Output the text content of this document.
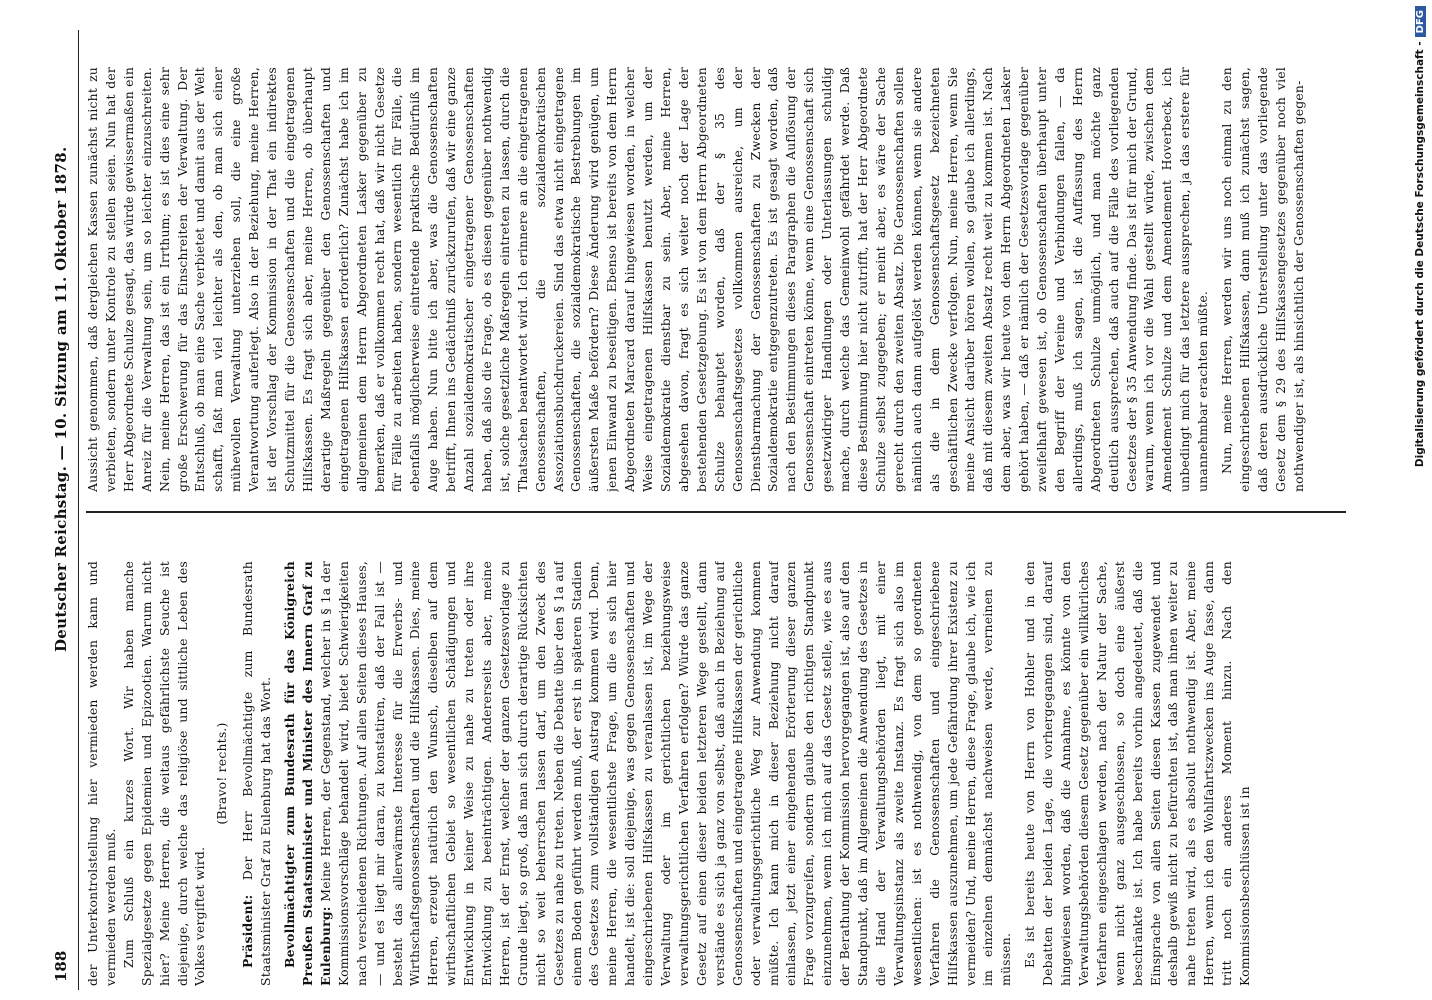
188
Deutscher Reichstag. — 10. Sitzung am 11. Oktober 1878.

der Unterkontrolstellung hier vermieden werden kann und vermieden werden muß. Zum Schluß ein kurzes Wort. Wir haben manche Spezialgesetze gegen Epidemien und Epizootien. Warum nicht hier? Meine Herren, die weitaus gefährlichste Seuche ist diejenige, durch welche das religiöse und sittliche Leben des Volkes vergiftet wird.

(Bravo! rechts.)

Präsident: Der Herr Bevollmächtigte zum Bundesrath Staatsminister Graf zu Eulenburg hat das Wort. Bevollmächtigter zum Bundesrath für das Königreich Preußen Staatsminister und Minister des Innern Graf zu Eulenburg: Meine Herren, der Gegenstand, welcher in § 1a der Kommissionsvorschläge behandelt wird, bietet Schwierigkeiten nach verschiedenen Richtungen. Auf allen Seiten dieses Hauses, — und es liegt mir daran, zu konstatiren, daß der Fall ist — besteht das allerwärmste Interesse für die Erwerbs- und Wirthschaftsgenossenschaften und die Hilfskassen. Dies, meine Herren, erzeugt natürlich den Wunsch, dieselben auf dem wirthschaftlichen Gebiet so wesentlichen Schädigungen und Entwicklung in keiner Weise zu nahe zu treten oder ihre Entwicklung zu beeinträchtigen. Andererseits aber, meine Herren, ist der Ernst, welcher der ganzen Gesetzesvorlage zu Grunde liegt, so groß, daß man sich durch derartige Rücksichten nicht so weit beherrschen lassen darf, um den Zweck des Gesetzes zu nahe zu treten. Neben die Debatte über den § 1a auf einem Boden geführt werden muß, der erst in späteren Stadien des Gesetzes zum vollständigen Austrag kommen wird. Denn, meine Herren, die wesentlichste Frage, um die es sich hier handelt, ist die: soll diejenige, was gegen Genossenschaften und eingeschriebenen Hilfskassen zu veranlassen ist, im Wege der Verwaltung oder im gerichtlichen beziehungsweise verwaltungsgerichtlichen Verfahren erfolgen? Würde das ganze Gesetz auf einen dieser beiden letzteren Wege gestellt, dann verstände es sich ja ganz von selbst, daß auch in Beziehung auf Genossenschaften und eingetragene Hilfskassen der gerichtliche oder verwaltungsgerichtliche Weg zur Anwendung kommen müßte. Ich kann mich in dieser Beziehung nicht darauf einlassen, jetzt einer eingehenden Erörterung dieser ganzen Frage vorzugreifen, sondern glaube den richtigen Standpunkt einzunehmen, wenn ich mich auf das Gesetz stelle, wie es aus der Berathung der Kommission hervorgegangen ist, also auf den Standpunkt, daß im Allgemeinen die Anwendung des Gesetzes in die Hand der Verwaltungsbehörden liegt, mit einer Verwaltungsinstanz als zweite Instanz. Es fragt sich also im wesentlichen: ist es nothwendig, von dem so geordneten Verfahren die Genossenschaften und eingeschriebene Hilfskassen auszunehmen, um jede Gefährdung ihrer Existenz zu vermeiden? Und, meine Herren, diese Frage, glaube ich, wie ich im einzelnen demnächst nachweisen werde, verneinen zu müssen. Es ist bereits heute von Herrn von Hohler und in den Debatten der beiden Lage, die vorhergegangen sind, darauf hingewiesen worden, daß die Annahme, es könnte von den Verwaltungsbehörden diesem Gesetz gegenüber ein willkürliches Verfahren eingeschlagen werden, nach der Natur der Sache, wenn nicht ganz ausgeschlossen, so doch eine äußerst beschränkte ist. Ich habe bereits vorhin angedeutet, daß die Einsprache von allen Seiten diesen Kassen zugewendet und deshalb gewiß nicht zu befürchten ist, daß man ihnen weiter zu nahe treten wird, als es absolut nothwendig ist. Aber, meine Herren, wenn ich den Wohlfahrtszwecken ins Auge fasse, dann tritt noch ein anderes Moment hinzu. Nach den Kommissionsbeschlüssen ist in

Aussicht genommen, daß dergleichen Kassen zunächst nicht zu verbieten, sondern unter Kontrole zu stellen seien. Nun hat der Herr Abgeordnete Schulze gesagt, das würde gewissermaßen ein Anreiz für die Verwaltung sein, um so leichter einzuschreiten. Nein, meine Herren, das ist ein Irrthum; es ist dies eine sehr große Erschwerung für das Einschreiten der Verwaltung. Der Entschluß, ob man eine Sache verbietet und damit aus der Welt schafft, faßt man viel leichter als den, ob man sich einer mühevollen Verwaltung unterziehen soll, die eine große Verantwortung auferlegt. Also in der Beziehung, meine Herren, ist der Vorschlag der Kommission in der That ein indirektes Schutzmittel für die Genossenschaften und die eingetragenen Hilfskassen. Es fragt sich aber, meine Herren, ob überhaupt derartige Maßregeln gegenüber den Genossenschaften und eingetragenen Hilfskassen erforderlich? Zunächst habe ich im allgemeinen dem Herrn Abgeordneten Lasker gegenüber zu bemerken, daß er vollkommen recht hat, daß wir nicht Gesetze für Fälle zu arbeiten haben, sondern wesentlich für Fälle, die ebenfalls möglicherweise eintretende praktische Bedürfniß im Auge haben. Nun bitte ich aber, was die Genossenschaften betrifft, Ihnen ins Gedächtniß zurückzurufen, daß wir eine ganze Anzahl sozialdemokratischer eingetragener Genossenschaften haben, daß also die Frage, ob es diesen gegenüber nothwendig ist, solche gesetzliche Maßregeln eintreten zu lassen, durch die Thatsachen beantwortet wird. Ich erinnere an die eingetragenen Genossenschaften, die sozialdemokratischen Assoziationsbuchdruckereien. Sind das etwa nicht eingetragene Genossenschaften, die sozialdemokratische Bestrebungen im äußersten Maße befördern? Diese Änderung wird genügen, um jenen Einwand zu beseitigen. Ebenso ist bereits von dem Herrn Abgeordneten Marcard darauf hingewiesen worden, in welcher Weise eingetragenen Hilfskassen benutzt werden, um der Sozialdemokratie dienstbar zu sein. Aber, meine Herren, abgesehen davon, fragt es sich weiter noch der Lage der bestehenden Gesetzgebung. Es ist von dem Herrn Abgeordneten Schulze behauptet worden, daß der § 35 des Genossenschaftsgesetzes vollkommen ausreiche, um der Dienstbarmachung der Genossenschaften zu Zwecken der Sozialdemokratie entgegenzutreten. Es ist gesagt worden, daß nach den Bestimmungen dieses Paragraphen die Auflösung der Genossenschaft eintreten könne, wenn eine Genossenschaft sich gesetzwidriger Handlungen oder Unterlassungen schuldig mache, durch welche das Gemeinwohl gefährdet werde. Daß diese Bestimmung hier nicht zutrifft, hat der Herr Abgeordnete Schulze selbst zugegeben; er meint aber, es wäre der Sache gerecht durch den zweiten Absatz. Die Genossenschaften sollen nämlich auch dann aufgelöst werden können, wenn sie andere als die in dem Genossenschaftsgesetz bezeichneten geschäftlichen Zwecke verfolgen. Nun, meine Herren, wenn Sie meine Ansicht darüber hören wollen, so glaube ich allerdings, daß mit diesem zweiten Absatz recht weit zu kommen ist. Nach dem aber, was wir heute von dem Herrn Abgeordneten Lasker gehört haben, — daß er nämlich der Gesetzesvorlage gegenüber zweifelhaft gewesen ist, ob Genossenschaften überhaupt unter den Begriff der Vereine und Verbindungen fallen, — da allerdings, muß ich sagen, ist die Auffassung des Herrn Abgeordneten Schulze unmöglich, und man möchte ganz deutlich aussprechen, daß auch auf die Fälle des vorliegenden Gesetzes der § 35 Anwendung finde. Das ist für mich der Grund, warum, wenn ich vor die Wahl gestellt würde, zwischen dem Amendement Schulze und dem Amendement Hoverbeck, ich unbedingt mich für das letztere aussprechen, ja das erstere für unannehmbar erachten müßte. Nun, meine Herren, werden wir uns noch einmal zu den eingeschriebenen Hilfskassen, dann muß ich zunächst sagen, daß deren ausdrückliche Unterstellung unter das vorliegende Gesetz dem § 29 des Hilfskassengesetzes gegenüber noch viel nothwendiger ist, als hinsichtlich der Genossenschaften gegen-	Digitalisierung gefördert durch die Deutsche Forschungsgemeinschaft -DFG
